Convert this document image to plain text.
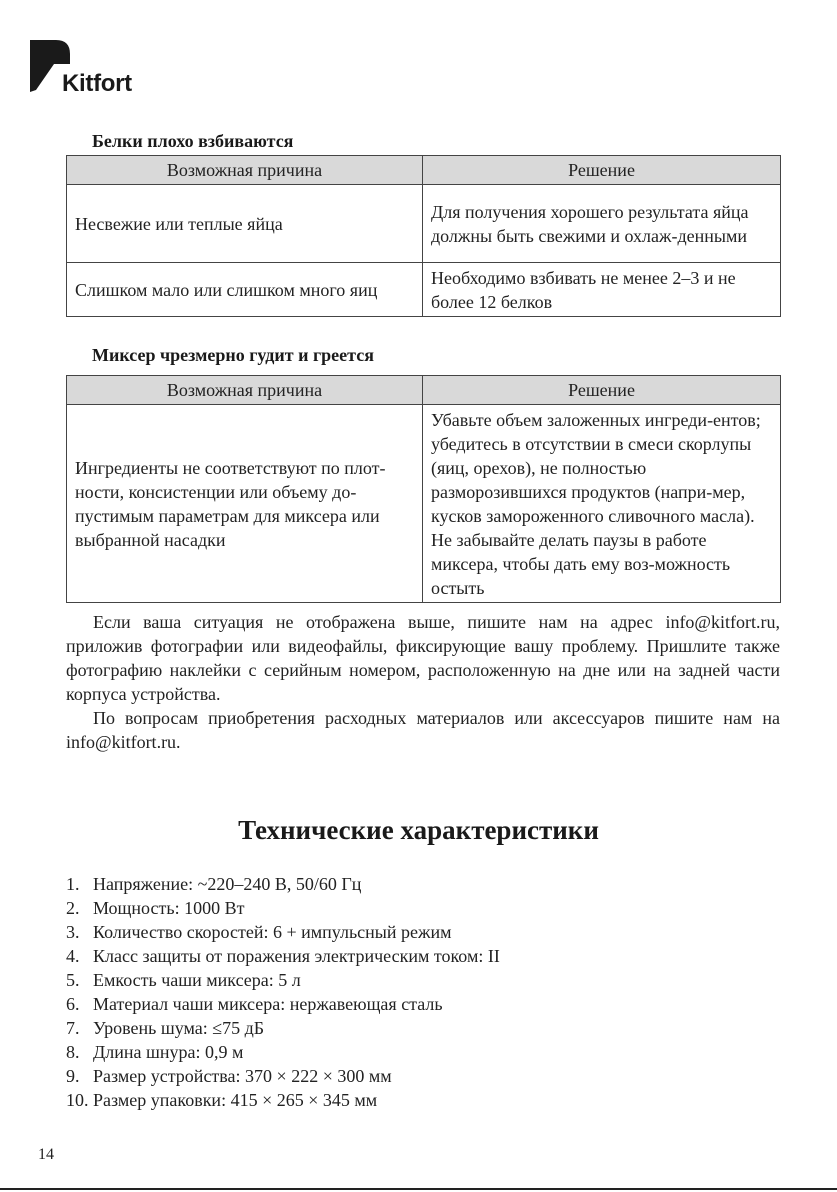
Kitfort
Белки плохо взбиваются
Возможная причина	Решение
Несвежие или теплые яйца	Для получения хорошего результата яйца должны быть свежими и охлаж-денными
Слишком мало или слишком много яиц	Необходимо взбивать не менее 2–3 и не более 12 белков
Миксер чрезмерно гудит и греется
Возможная причина	Решение
Ингредиенты не соответствуют по плот-ности, консистенции или объему до-пустимым параметрам для миксера или выбранной насадки	Убавьте объем заложенных ингреди-ентов; убедитесь в отсутствии в смеси скорлупы (яиц, орехов), не полностью разморозившихся продуктов (напри-мер, кусков замороженного сливочного масла). Не забывайте делать паузы в работе миксера, чтобы дать ему воз-можность остыть

Если ваша ситуация не отображена выше, пишите нам на адрес info@kitfort.ru, приложив фотографии или видеофайлы, фиксирующие вашу проблему. Пришлите также фотографию наклейки с серийным номером, расположенную на дне или на задней части корпуса устройства.

По вопросам приобретения расходных материалов или аксессуаров пишите нам на info@kitfort.ru.

Технические характеристики
1. Напряжение: ~220–240 В, 50/60 Гц
2. Мощность: 1000 Вт
3. Количество скоростей: 6 + импульсный режим
4. Класс защиты от поражения электрическим током: II
5. Емкость чаши миксера: 5 л
6. Материал чаши миксера: нержавеющая сталь
7. Уровень шума: ≤75 дБ
8. Длина шнура: 0,9 м
9. Размер устройства: 370 × 222 × 300 мм
10. Размер упаковки: 415 × 265 × 345 мм
14
